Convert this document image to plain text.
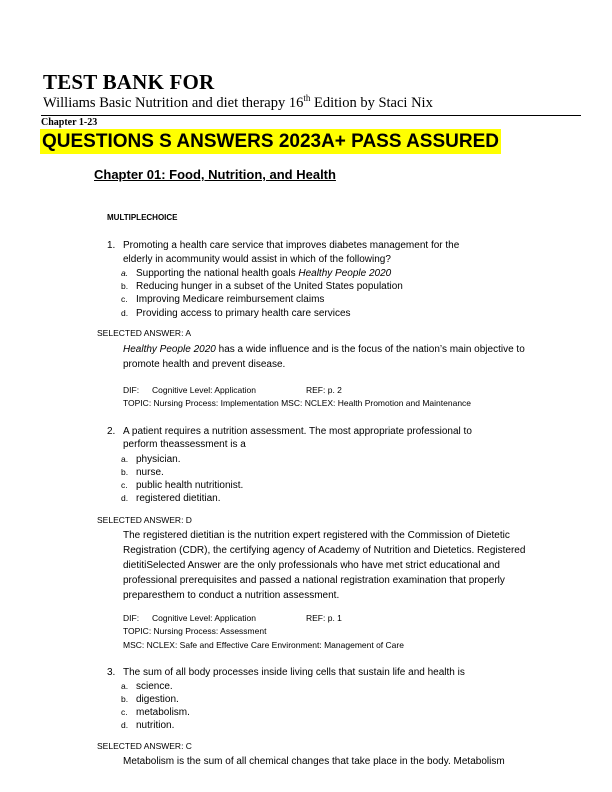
TEST BANK FOR
Williams Basic Nutrition and diet therapy 16th Edition by Staci Nix
Chapter 1-23
QUESTIONS S ANSWERS 2023A+ PASS ASSURED
Chapter 01: Food, Nutrition, and Health
MULTIPLECHOICE
1. Promoting a health care service that improves diabetes management for the
elderly in acommunity would assist in which of the following?
a. Supporting the national health goals Healthy People 2020
b. Reducing hunger in a subset of the United States population
c. Improving Medicare reimbursement claims
d. Providing access to primary health care services
SELECTED ANSWER: A
Healthy People 2020 has a wide influence and is the focus of the nation’s main objective to
promote health and prevent disease.
DIF: Cognitive Level: Application	REF: p. 2
TOPIC: Nursing Process: Implementation MSC: NCLEX: Health Promotion and Maintenance
2. A patient requires a nutrition assessment. The most appropriate professional to
perform theassessment is a
a. physician.
b. nurse.
c. public health nutritionist.
d. registered dietitian.
SELECTED ANSWER: D
The registered dietitian is the nutrition expert registered with the Commission of Dietetic
Registration (CDR), the certifying agency of Academy of Nutrition and Dietetics. Registered
dietitiSelected Answer are the only professionals who have met strict educational and
professional prerequisites and passed a national registration examination that properly
preparesthem to conduct a nutrition assessment.
DIF: Cognitive Level: Application	REF: p. 1
TOPIC: Nursing Process: Assessment
MSC: NCLEX: Safe and Effective Care Environment: Management of Care
3. The sum of all body processes inside living cells that sustain life and health is
a. science.
b. digestion.
c. metabolism.
d. nutrition.
SELECTED ANSWER: C
Metabolism is the sum of all chemical changes that take place in the body. Metabolism
